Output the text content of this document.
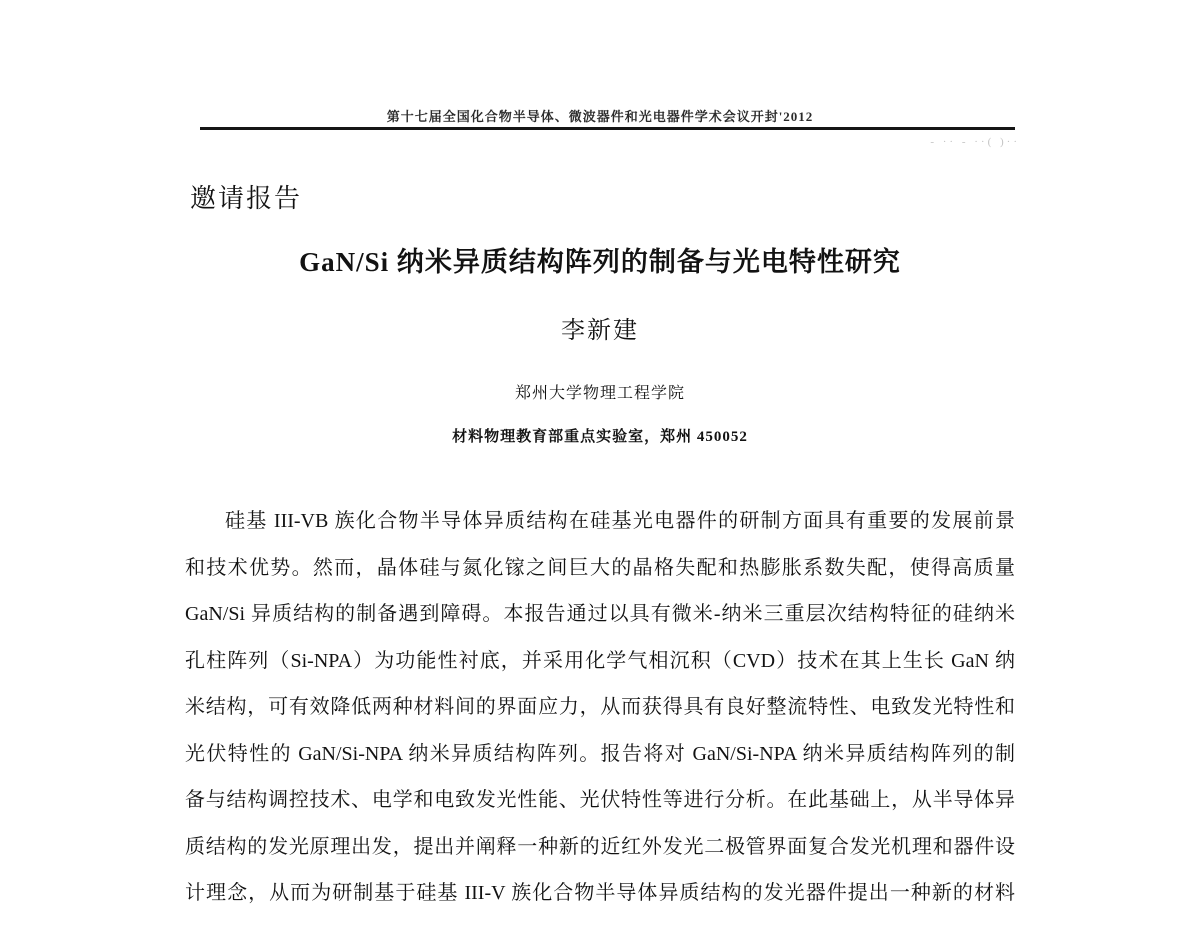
第十七届全国化合物半导体、微波器件和光电器件学术会议开封'2012
- ·· - ··( )··
邀请报告
GaN/Si 纳米异质结构阵列的制备与光电特性研究
李新建
郑州大学物理工程学院
材料物理教育部重点实验室，郑州 450052
硅基 III-VB 族化合物半导体异质结构在硅基光电器件的研制方面具有重要的发展前景
和技术优势。然而，晶体硅与氮化镓之间巨大的晶格失配和热膨胀系数失配，使得高质量
GaN/Si 异质结构的制备遇到障碍。本报告通过以具有微米-纳米三重层次结构特征的硅纳米
孔柱阵列（Si-NPA）为功能性衬底，并采用化学气相沉积（CVD）技术在其上生长 GaN 纳
米结构，可有效降低两种材料间的界面应力，从而获得具有良好整流特性、电致发光特性和
光伏特性的 GaN/Si-NPA 纳米异质结构阵列。报告将对 GaN/Si-NPA 纳米异质结构阵列的制
备与结构调控技术、电学和电致发光性能、光伏特性等进行分析。在此基础上，从半导体异
质结构的发光原理出发，提出并阐释一种新的近红外发光二极管界面复合发光机理和器件设
计理念，从而为研制基于硅基 III-V 族化合物半导体异质结构的发光器件提出一种新的材料
